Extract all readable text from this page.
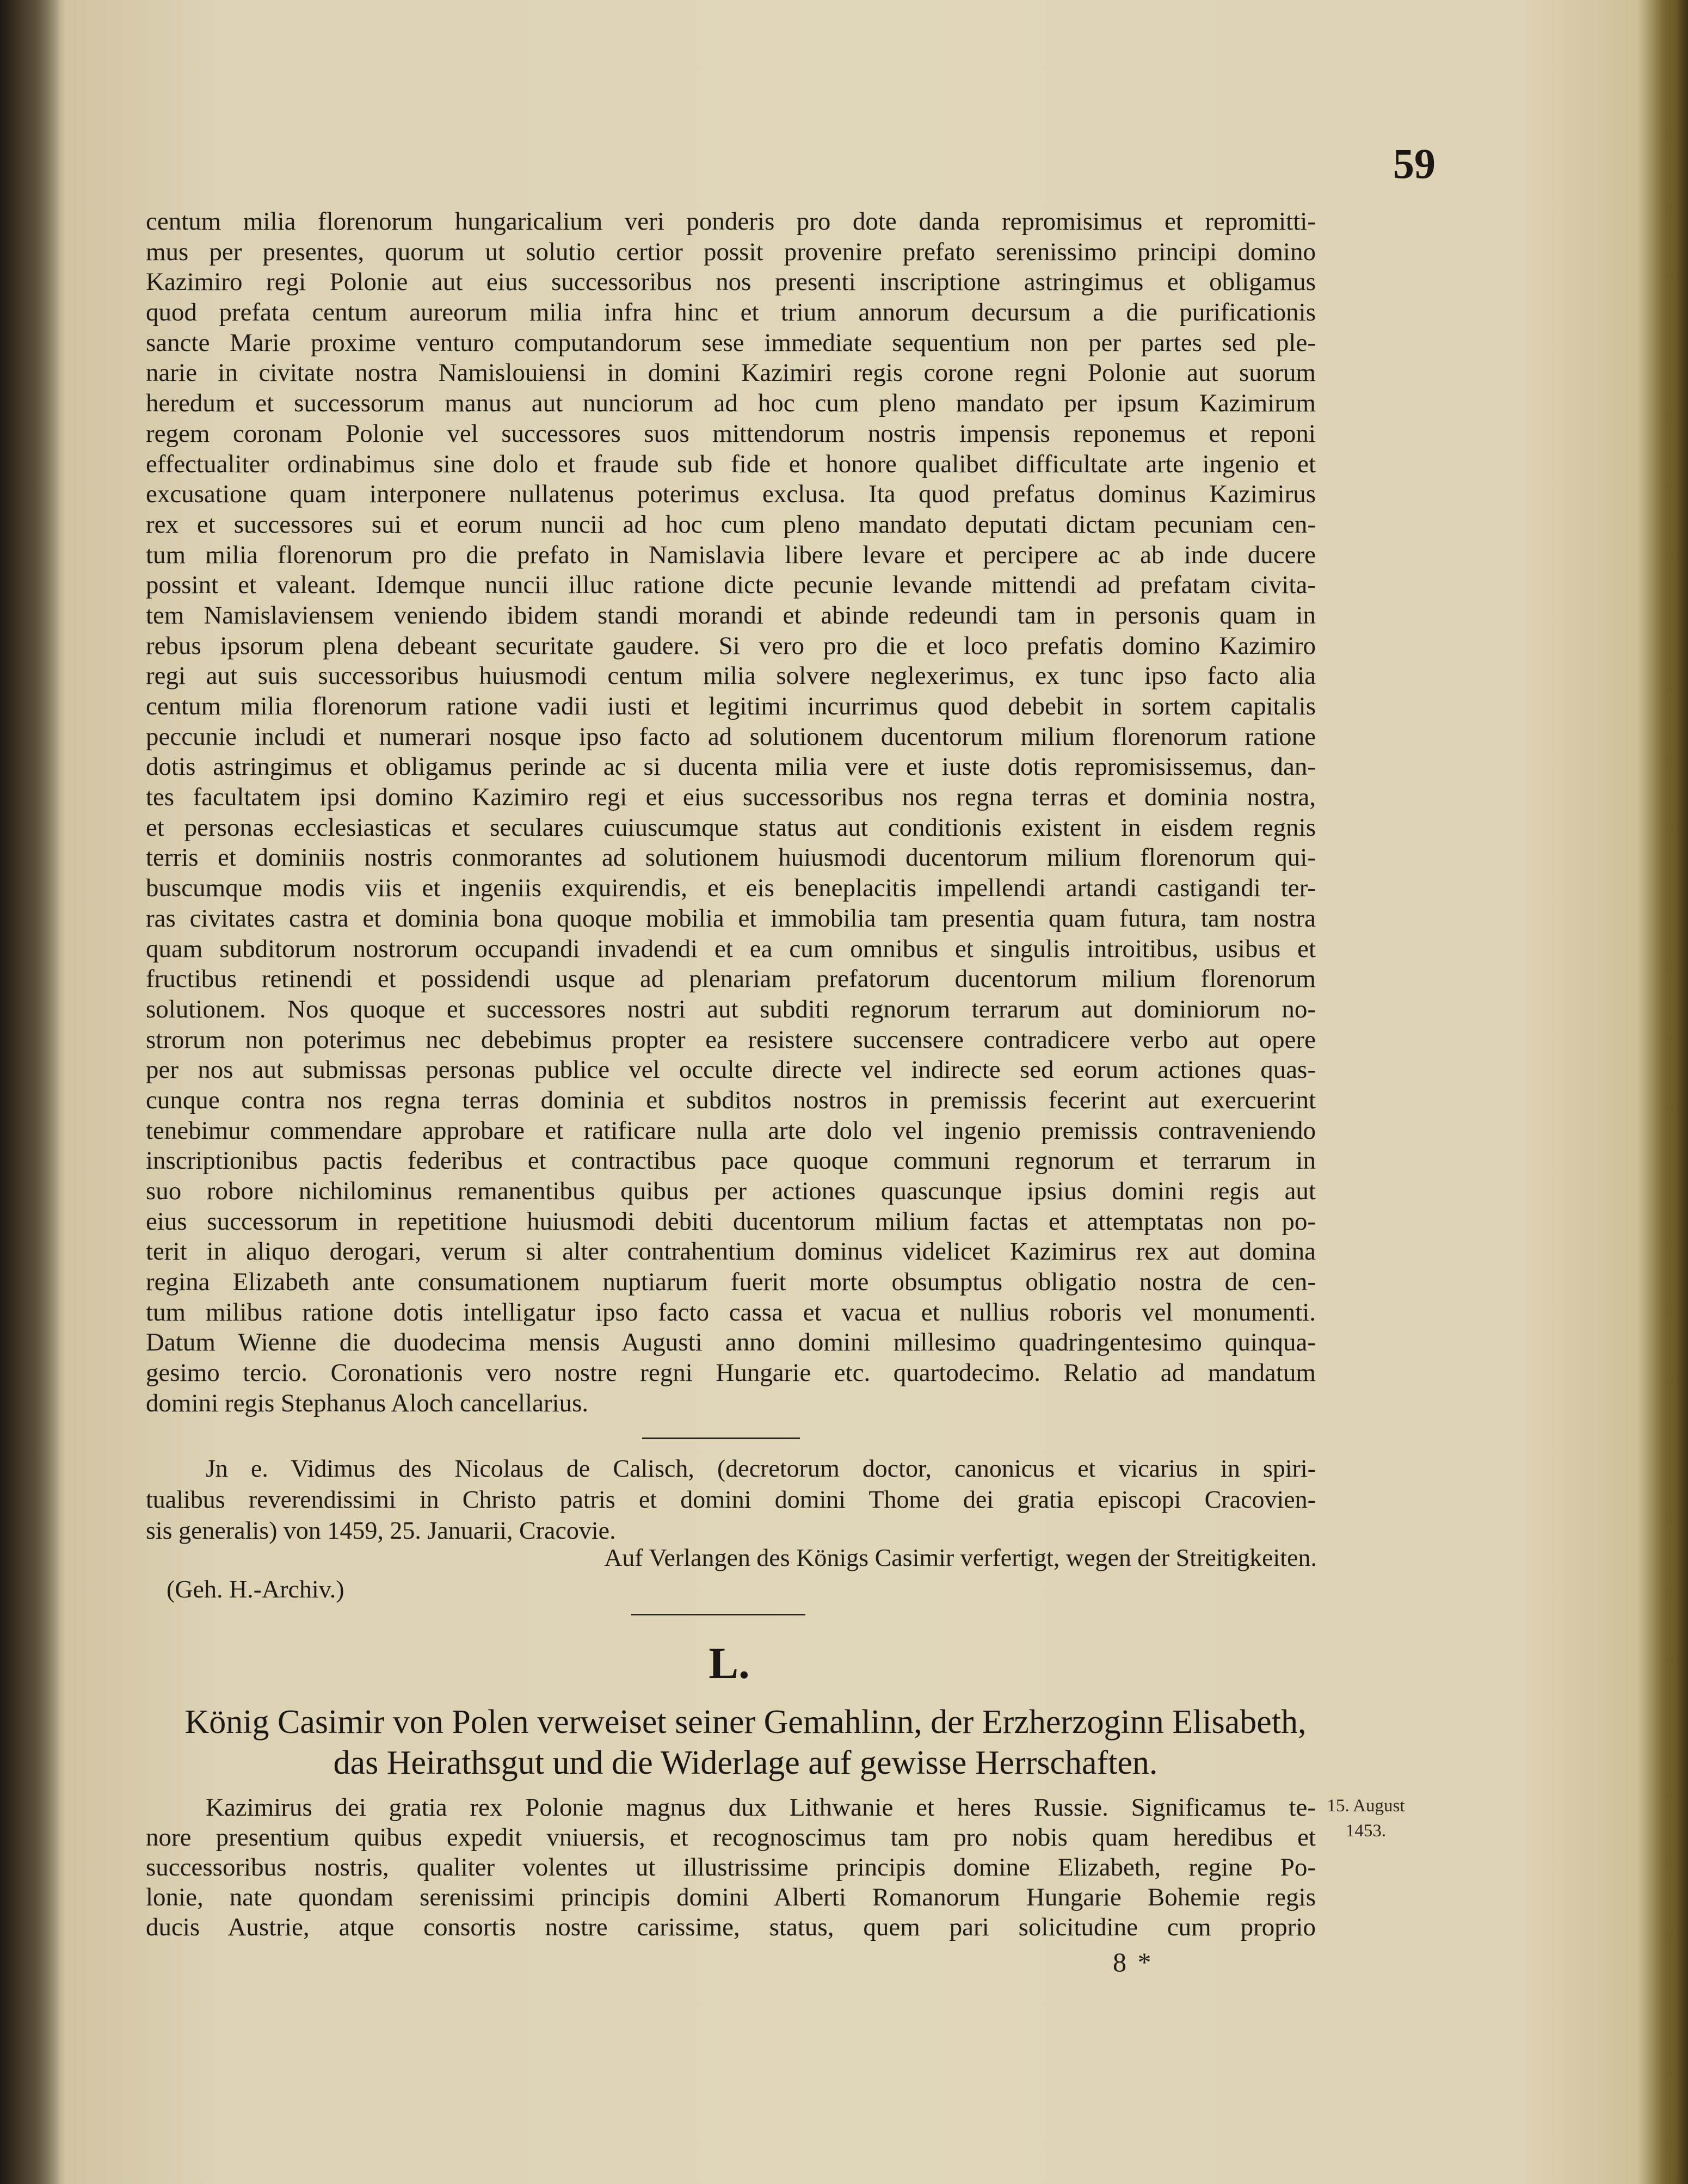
59
centum milia florenorum hungaricalium veri ponderis pro dote danda repromisimus et repromitti-
mus per presentes, quorum ut solutio certior possit provenire prefato serenissimo principi domino
Kazimiro regi Polonie aut eius successoribus nos presenti inscriptione astringimus et obligamus
quod prefata centum aureorum milia infra hinc et trium annorum decursum a die purificationis
sancte Marie proxime venturo computandorum sese immediate sequentium non per partes sed ple-
narie in civitate nostra Namislouiensi in domini Kazimiri regis corone regni Polonie aut suorum
heredum et successorum manus aut nunciorum ad hoc cum pleno mandato per ipsum Kazimirum
regem coronam Polonie vel successores suos mittendorum nostris impensis reponemus et reponi
effectualiter ordinabimus sine dolo et fraude sub fide et honore qualibet difficultate arte ingenio et
excusatione quam interponere nullatenus poterimus exclusa. Ita quod prefatus dominus Kazimirus
rex et successores sui et eorum nuncii ad hoc cum pleno mandato deputati dictam pecuniam cen-
tum milia florenorum pro die prefato in Namislavia libere levare et percipere ac ab inde ducere
possint et valeant. Idemque nuncii illuc ratione dicte pecunie levande mittendi ad prefatam civita-
tem Namislaviensem veniendo ibidem standi morandi et abinde redeundi tam in personis quam in
rebus ipsorum plena debeant securitate gaudere. Si vero pro die et loco prefatis domino Kazimiro
regi aut suis successoribus huiusmodi centum milia solvere neglexerimus, ex tunc ipso facto alia
centum milia florenorum ratione vadii iusti et legitimi incurrimus quod debebit in sortem capitalis
peccunie includi et numerari nosque ipso facto ad solutionem ducentorum milium florenorum ratione
dotis astringimus et obligamus perinde ac si ducenta milia vere et iuste dotis repromisissemus, dan-
tes facultatem ipsi domino Kazimiro regi et eius successoribus nos regna terras et dominia nostra,
et personas ecclesiasticas et seculares cuiuscumque status aut conditionis existent in eisdem regnis
terris et dominiis nostris conmorantes ad solutionem huiusmodi ducentorum milium florenorum qui-
buscumque modis viis et ingeniis exquirendis, et eis beneplacitis impellendi artandi castigandi ter-
ras civitates castra et dominia bona quoque mobilia et immobilia tam presentia quam futura, tam nostra
quam subditorum nostrorum occupandi invadendi et ea cum omnibus et singulis introitibus, usibus et
fructibus retinendi et possidendi usque ad plenariam prefatorum ducentorum milium florenorum
solutionem. Nos quoque et successores nostri aut subditi regnorum terrarum aut dominiorum no-
strorum non poterimus nec debebimus propter ea resistere succensere contradicere verbo aut opere
per nos aut submissas personas publice vel occulte directe vel indirecte sed eorum actiones quas-
cunque contra nos regna terras dominia et subditos nostros in premissis fecerint aut exercuerint
tenebimur commendare approbare et ratificare nulla arte dolo vel ingenio premissis contraveniendo
inscriptionibus pactis federibus et contractibus pace quoque communi regnorum et terrarum in
suo robore nichilominus remanentibus quibus per actiones quascunque ipsius domini regis aut
eius successorum in repetitione huiusmodi debiti ducentorum milium factas et attemptatas non po-
terit in aliquo derogari, verum si alter contrahentium dominus videlicet Kazimirus rex aut domina
regina Elizabeth ante consumationem nuptiarum fuerit morte obsumptus obligatio nostra de cen-
tum milibus ratione dotis intelligatur ipso facto cassa et vacua et nullius roboris vel monumenti.
Datum Wienne die duodecima mensis Augusti anno domini millesimo quadringentesimo quinqua-
gesimo tercio. Coronationis vero nostre regni Hungarie etc. quartodecimo. Relatio ad mandatum
domini regis Stephanus Aloch cancellarius.
Jn e. Vidimus des Nicolaus de Calisch, (decretorum doctor, canonicus et vicarius in spiri-
tualibus reverendissimi in Christo patris et domini domini Thome dei gratia episcopi Cracovien-
sis generalis) von 1459, 25. Januarii, Cracovie.
Auf Verlangen des Königs Casimir verfertigt, wegen der Streitigkeiten.
(Geh. H.-Archiv.)
L.
König Casimir von Polen verweiset seiner Gemahlinn, der Erzherzoginn Elisabeth,
das Heirathsgut und die Widerlage auf gewisse Herrschaften.
Kazimirus dei gratia rex Polonie magnus dux Lithwanie et heres Russie. Significamus te-
nore presentium quibus expedit vniuersis, et recognoscimus tam pro nobis quam heredibus et
successoribus nostris, qualiter volentes ut illustrissime principis domine Elizabeth, regine Po-
lonie, nate quondam serenissimi principis domini Alberti Romanorum Hungarie Bohemie regis
ducis Austrie, atque consortis nostre carissime, status, quem pari solicitudine cum proprio
15. August
1453.
8 *
